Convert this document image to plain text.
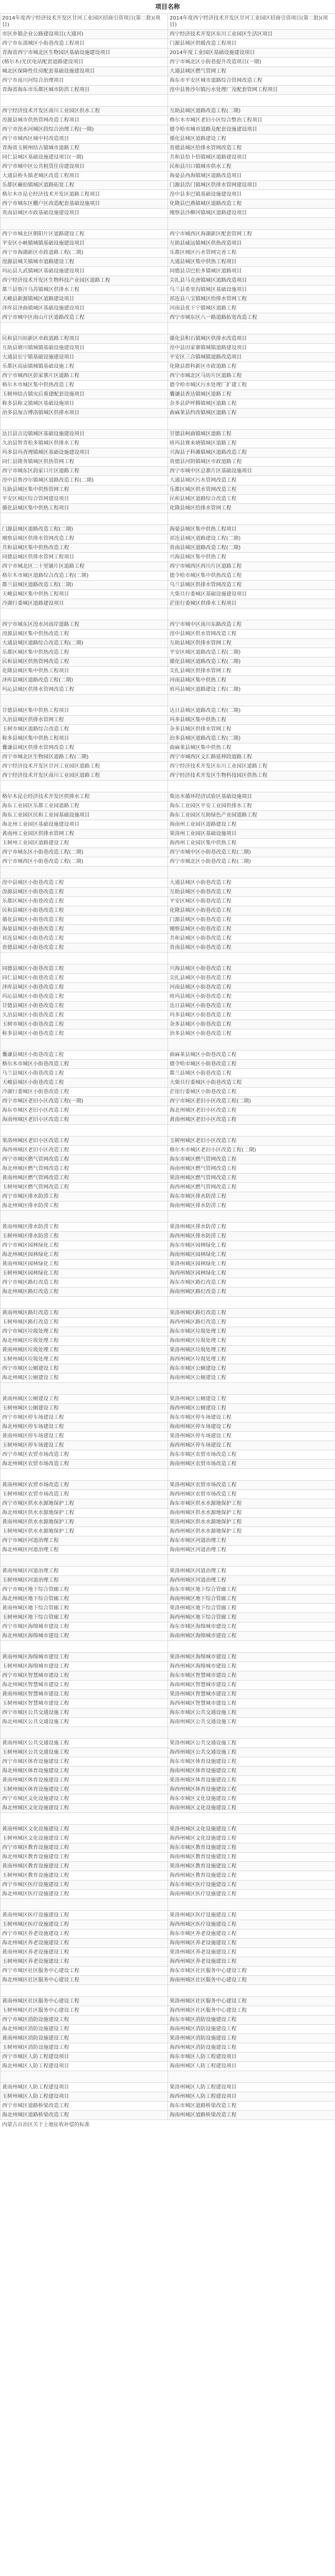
项目名称
2014年度西宁经济技术开发区甘河工业园区招商引资项目(第二批)(项目)	2014年度西宁经济技术开发区甘河工业园区招商引资项目(第二批)(项目)
市区乡镇企业公路建设项目(大通河)	西宁经济技术开发区东川工业园区生活区项目
西宁市东部城区小街巷改造工程项目	门源县城区供暖改造工程项目
青海省西宁市城北区生物园区基础设施建设项目	2014年度工业园区基础设施建设项目
(格尔木)光伏电站配套道路建设项目	西宁市城北区小街巷提升改造项目(一期)
城北区保障性住房配套基础设施建设项目	大通县城区燃气管网工程
西宁市南川河综合治理项目	海东市平安区城市道路综合管网改造工程
青海省海东市乐都区城市防洪工程项目	湟中县鲁沙尔镇污水处理厂及配套管网工程项目

西宁经济技术开发区南川工业园区供水工程	互助县城区道路改造工程(二期)
湟源县城市供热管网改造工程项目	格尔木市城区老旧小区综合整治工程项目
西宁市湟水河城区段综合治理工程(一期)	德令哈市城市道路及配套设施建设项目
西宁市城西区城中村改造项目	循化县城区道路建设工程
青海省玉树州结古镇城市道路工程	贵德县城区给排水管网改造工程
同仁县城区基础设施建设项目(一期)	共和县恰卜恰镇城区道路建设项目
西宁市城中区公共租赁住房建设项目	民和县川口镇城市供水工程
大通县桥头镇老城区改造工程项目	海晏县西海镇城区道路改造项目
乐都区碾伯镇城区道路拓宽工程	门源县浩门镇城区供排水管网建设项目
格尔木市昆仑经济技术开发区道路工程项目	湟中县多巴镇基础设施建设项目
西宁市城东区棚户区改造配套基础设施项目	化隆县巴燕镇城区道路改造工程
贵南县城区市政基础设施建设项目	刚察县沙柳河镇城区道路建设项目

西宁市城北区朝阳片区道路建设工程	西宁市城西区海湖新区配套管网工程
平安区小峡镇城镇基础设施建设项目	互助县威远镇城区供热改造项目
西宁市海湖新区市政道路工程(二期)	乐都区城区污水管网完善工程
湟源县城关镇城市道路建设工程	大通县城区集中供热工程项目
玛沁县大武镇城区基础设施建设项目	同德县尕巴松多镇城区道路项目
西宁经济技术开发区生物科技产业园区道路工程	尖扎县马克唐镇城区道路改造项目
都兰县察汗乌苏镇城区供排水工程	乌兰县希里沟镇城区基础设施项目
天峻县新源镇城区道路建设项目	祁连县八宝镇城区给排水管网工程
泽库县泽曲镇城区基础设施建设项目	河南县优干宁镇城区道路工程
西宁市城中区南山片区道路改造工程	西宁市城东区八一路道路拓宽改造工程

民和县川垣新区市政道路工程项目	循化县积石镇城区供排水改造项目
互助县塘川镇城镇基础设施建设项目	湟中县田家寨镇城镇道路建设项目
大通县长宁镇基础设施建设项目	平安区三合镇城镇道路改造项目
乐都区高庙镇城镇基础设施工程	化隆县群科新区市政道路工程
西宁市城西区彭家寨片区道路工程	西宁市城北区马坊片区道路工程
格尔木市城区集中供热改造工程	德令哈市城区污水处理厂扩建工程
玉树州结古镇灾后重建配套设施项目	囊谦县香达镇城区道路工程
称多县称文镇城区基础设施项目	杂多县萨呼腾镇城区道路工程
治多县加吉博洛镇城区供排水项目	曲麻莱县约改镇城区道路工程

达日县吉迈镇城区基础设施建设项目	甘德县柯曲镇城区道路工程
久治县智青松多镇城区供排水工程	班玛县赛来塘镇城区道路工程
玛多县玛查理镇城区基础设施建设项目	兴海县子科滩镇城区道路改造工程
同仁县隆务镇城区供热管网工程	贵德县河阴镇城区市政道路工程
西宁市城东区韵家口片区道路工程	西宁市城中区总寨片区基础设施项目
湟中县鲁沙尔镇城区道路改造工程(二期)	大通县城区污水管网改造工程
互助县城区集中供热管网工程	乐都区城区供水管网改造工程
平安区城区综合管网建设项目	民和县城区道路综合改造工程
循化县城区集中供热工程项目	化隆县城区给排水管网工程

门源县城区道路改造工程(二期)	海晏县城区集中供热工程项目
刚察县城区供排水管网改造工程	祁连县城区道路建设工程(二期)
共和县城区集中供热改造工程	贵南县城区道路改造工程(二期)
同德县城区供排水管网工程项目	兴海县城区集中供热工程
西宁市城北区二十里铺片区道路工程	西宁市城西区西川片区道路工程
格尔木市城区道路综合改造工程(二期)	德令哈市城区集中供热改造工程
都兰县城区道路改造工程(二期)	乌兰县城区供排水管网改造工程
天峻县城区集中供热工程项目	大柴旦行委城区基础设施建设项目
冷湖行委城区道路建设项目	茫崖行委城区供排水工程项目

西宁市城东区湟水河南岸道路工程	西宁市城中区南川东路改造工程
湟源县城区集中供热改造工程	湟中县城区供水管网改造工程
大通县城区道路综合改造工程(二期)	互助县城区供排水管网工程
乐都区城区集中供热改造工程	平安区城区道路改造工程(二期)
民和县城区供热管网改造工程	循化县城区道路改造工程(二期)
化隆县城区集中供热工程项目	尖扎县城区供排水管网工程
泽库县城区道路改造工程(二期)	河南县城区集中供热工程
玛沁县城区供排水管网改造工程	班玛县城区道路建设工程(二期)

甘德县城区集中供热工程项目	达日县城区道路改造工程(二期)
久治县城区供排水管网工程	玛多县城区集中供热工程
玉树市城区道路综合改造工程	杂多县城区供排水管网工程
称多县城区集中供热工程项目	治多县城区道路改造工程(二期)
囊谦县城区供排水管网改造工程	曲麻莱县城区集中供热工程
西宁市城北区生物园区道路工程(二期)	西宁市城西区文汇路延伸段道路工程
西宁经济技术开发区甘河工业园区道路工程	西宁经济技术开发区东川工业园区道路工程
西宁经济技术开发区南川工业园区道路工程	西宁经济技术开发区生物科技园区供热工程

格尔木昆仑经济技术开发区供排水工程	柴达木循环经济试验区基础设施项目
海东工业园区乐都工业园道路工程	海东工业园区平安工业园供排水工程
海东工业园区民和工业园基础设施项目	海东工业园区互助绿色产业园道路工程
海北州工业园区基础设施建设项目	海南州工业园区道路建设工程
黄南州工业园区供排水管网工程	果洛州工业园区基础设施项目
玉树州工业园区道路建设工程	海西州工业园区集中供热工程
西宁市城东区小街巷改造工程(二期)	西宁市城中区小街巷改造工程(二期)
西宁市城西区小街巷改造工程(二期)	西宁市城北区小街巷改造工程(二期)

湟中县城区小街巷改造工程	大通县城区小街巷改造工程
湟源县城区小街巷改造工程	互助县城区小街巷改造工程
乐都区城区小街巷改造工程	平安区城区小街巷改造工程
民和县城区小街巷改造工程	化隆县城区小街巷改造工程
循化县城区小街巷改造工程	门源县城区小街巷改造工程
海晏县城区小街巷改造工程	刚察县城区小街巷改造工程
祁连县城区小街巷改造工程	共和县城区小街巷改造工程
贵德县城区小街巷改造工程	贵南县城区小街巷改造工程

同德县城区小街巷改造工程	兴海县城区小街巷改造工程
同仁县城区小街巷改造工程	尖扎县城区小街巷改造工程
泽库县城区小街巷改造工程	河南县城区小街巷改造工程
玛沁县城区小街巷改造工程	班玛县城区小街巷改造工程
甘德县城区小街巷改造工程	达日县城区小街巷改造工程
久治县城区小街巷改造工程	玛多县城区小街巷改造工程
玉树市城区小街巷改造工程	杂多县城区小街巷改造工程
称多县城区小街巷改造工程	治多县城区小街巷改造工程

囊谦县城区小街巷改造工程	曲麻莱县城区小街巷改造工程
格尔木市城区小街巷改造工程	德令哈市城区小街巷改造工程
乌兰县城区小街巷改造工程	都兰县城区小街巷改造工程
天峻县城区小街巷改造工程	大柴旦行委城区小街巷改造工程
冷湖行委城区小街巷改造工程	茫崖行委城区小街巷改造工程
西宁市城区老旧小区改造工程(一期)	西宁市城区老旧小区改造工程(二期)
海东市城区老旧小区改造工程	海北州城区老旧小区改造工程
海南州城区老旧小区改造工程	黄南州城区老旧小区改造工程

果洛州城区老旧小区改造工程	玉树州城区老旧小区改造工程
海西州城区老旧小区改造工程	格尔木市城区老旧小区改造工程(二期)
西宁市城区燃气管网改造工程	海东市城区燃气管网改造工程
海北州城区燃气管网改造工程	海南州城区燃气管网改造工程
黄南州城区燃气管网改造工程	果洛州城区燃气管网改造工程
玉树州城区燃气管网改造工程	海西州城区燃气管网改造工程
西宁市城区排水防涝工程	海东市城区排水防涝工程
海北州城区排水防涝工程	海南州城区排水防涝工程

黄南州城区排水防涝工程	果洛州城区排水防涝工程
玉树州城区排水防涝工程	海西州城区排水防涝工程
西宁市城区园林绿化工程	海东市城区园林绿化工程
海北州城区园林绿化工程	海南州城区园林绿化工程
黄南州城区园林绿化工程	果洛州城区园林绿化工程
玉树州城区园林绿化工程	海西州城区园林绿化工程
西宁市城区路灯改造工程	海东市城区路灯改造工程
海北州城区路灯改造工程	海南州城区路灯改造工程

黄南州城区路灯改造工程	果洛州城区路灯改造工程
玉树州城区路灯改造工程	海西州城区路灯改造工程
西宁市城区垃圾处理工程	海东市城区垃圾处理工程
海北州城区垃圾处理工程	海南州城区垃圾处理工程
黄南州城区垃圾处理工程	果洛州城区垃圾处理工程
玉树州城区垃圾处理工程	海西州城区垃圾处理工程
西宁市城区公厕建设工程	海东市城区公厕建设工程
海北州城区公厕建设工程	海南州城区公厕建设工程

黄南州城区公厕建设工程	果洛州城区公厕建设工程
玉树州城区公厕建设工程	海西州城区公厕建设工程
西宁市城区停车场建设工程	海东市城区停车场建设工程
海北州城区停车场建设工程	海南州城区停车场建设工程
黄南州城区停车场建设工程	果洛州城区停车场建设工程
玉树州城区停车场建设工程	海西州城区停车场建设工程
西宁市城区农贸市场改造工程	海东市城区农贸市场改造工程
海北州城区农贸市场改造工程	海南州城区农贸市场改造工程

黄南州城区农贸市场改造工程	果洛州城区农贸市场改造工程
玉树州城区农贸市场改造工程	海西州城区农贸市场改造工程
西宁市城区供水水源地保护工程	海东市城区供水水源地保护工程
海北州城区供水水源地保护工程	海南州城区供水水源地保护工程
黄南州城区供水水源地保护工程	果洛州城区供水水源地保护工程
玉树州城区供水水源地保护工程	海西州城区供水水源地保护工程
西宁市城区河道治理工程	海东市城区河道治理工程
海北州城区河道治理工程	海南州城区河道治理工程

黄南州城区河道治理工程	果洛州城区河道治理工程
玉树州城区河道治理工程	海西州城区河道治理工程
西宁市城区地下综合管廊工程	海东市城区地下综合管廊工程
海北州城区地下综合管廊工程	海南州城区地下综合管廊工程
黄南州城区地下综合管廊工程	果洛州城区地下综合管廊工程
玉树州城区地下综合管廊工程	海西州城区地下综合管廊工程
西宁市城区海绵城市建设工程	海东市城区海绵城市建设工程
海北州城区海绵城市建设工程	海南州城区海绵城市建设工程

黄南州城区海绵城市建设工程	果洛州城区海绵城市建设工程
玉树州城区海绵城市建设工程	海西州城区海绵城市建设工程
西宁市城区智慧城市建设工程	海东市城区智慧城市建设工程
海北州城区智慧城市建设工程	海南州城区智慧城市建设工程
黄南州城区智慧城市建设工程	果洛州城区智慧城市建设工程
玉树州城区智慧城市建设工程	海西州城区智慧城市建设工程
西宁市城区公共交通设施工程	海东市城区公共交通设施工程
海北州城区公共交通设施工程	海南州城区公共交通设施工程

黄南州城区公共交通设施工程	果洛州城区公共交通设施工程
玉树州城区公共交通设施工程	海西州城区公共交通设施工程
西宁市城区体育设施建设工程	海东市城区体育设施建设工程
海北州城区体育设施建设工程	海南州城区体育设施建设工程
黄南州城区体育设施建设工程	果洛州城区体育设施建设工程
玉树州城区体育设施建设工程	海西州城区体育设施建设工程
西宁市城区文化设施建设工程	海东市城区文化设施建设工程
海北州城区文化设施建设工程	海南州城区文化设施建设工程

黄南州城区文化设施建设工程	果洛州城区文化设施建设工程
玉树州城区文化设施建设工程	海西州城区文化设施建设工程
西宁市城区教育设施建设工程	海东市城区教育设施建设工程
海北州城区教育设施建设工程	海南州城区教育设施建设工程
黄南州城区教育设施建设工程	果洛州城区教育设施建设工程
玉树州城区教育设施建设工程	海西州城区教育设施建设工程
西宁市城区医疗设施建设工程	海东市城区医疗设施建设工程
海北州城区医疗设施建设工程	海南州城区医疗设施建设工程

黄南州城区医疗设施建设工程	果洛州城区医疗设施建设工程
玉树州城区医疗设施建设工程	海西州城区医疗设施建设工程
西宁市城区养老设施建设工程	海东市城区养老设施建设工程
海北州城区养老设施建设工程	海南州城区养老设施建设工程
黄南州城区养老设施建设工程	果洛州城区养老设施建设工程
玉树州城区养老设施建设工程	海西州城区养老设施建设工程
西宁市城区社区服务中心建设工程	海东市城区社区服务中心建设工程
海北州城区社区服务中心建设工程	海南州城区社区服务中心建设工程

黄南州城区社区服务中心建设工程	果洛州城区社区服务中心建设工程
玉树州城区社区服务中心建设工程	海西州城区社区服务中心建设工程
西宁市城区消防设施建设工程	海东市城区消防设施建设工程
海北州城区消防设施建设工程	海南州城区消防设施建设工程
黄南州城区消防设施建设工程	果洛州城区消防设施建设工程
玉树州城区消防设施建设工程	海西州城区消防设施建设工程
西宁市城区人防工程建设项目	海东市城区人防工程建设项目
海北州城区人防工程建设项目	海南州城区人防工程建设项目

黄南州城区人防工程建设项目	果洛州城区人防工程建设项目
玉树州城区人防工程建设项目	海西州城区人防工程建设项目
西宁市城区道路桥梁改造工程	海东市城区道路桥梁改造工程
海北州城区道路桥梁改造工程	海南州城区道路桥梁改造工程
内蒙古自治区关于土地征收补偿的标准
